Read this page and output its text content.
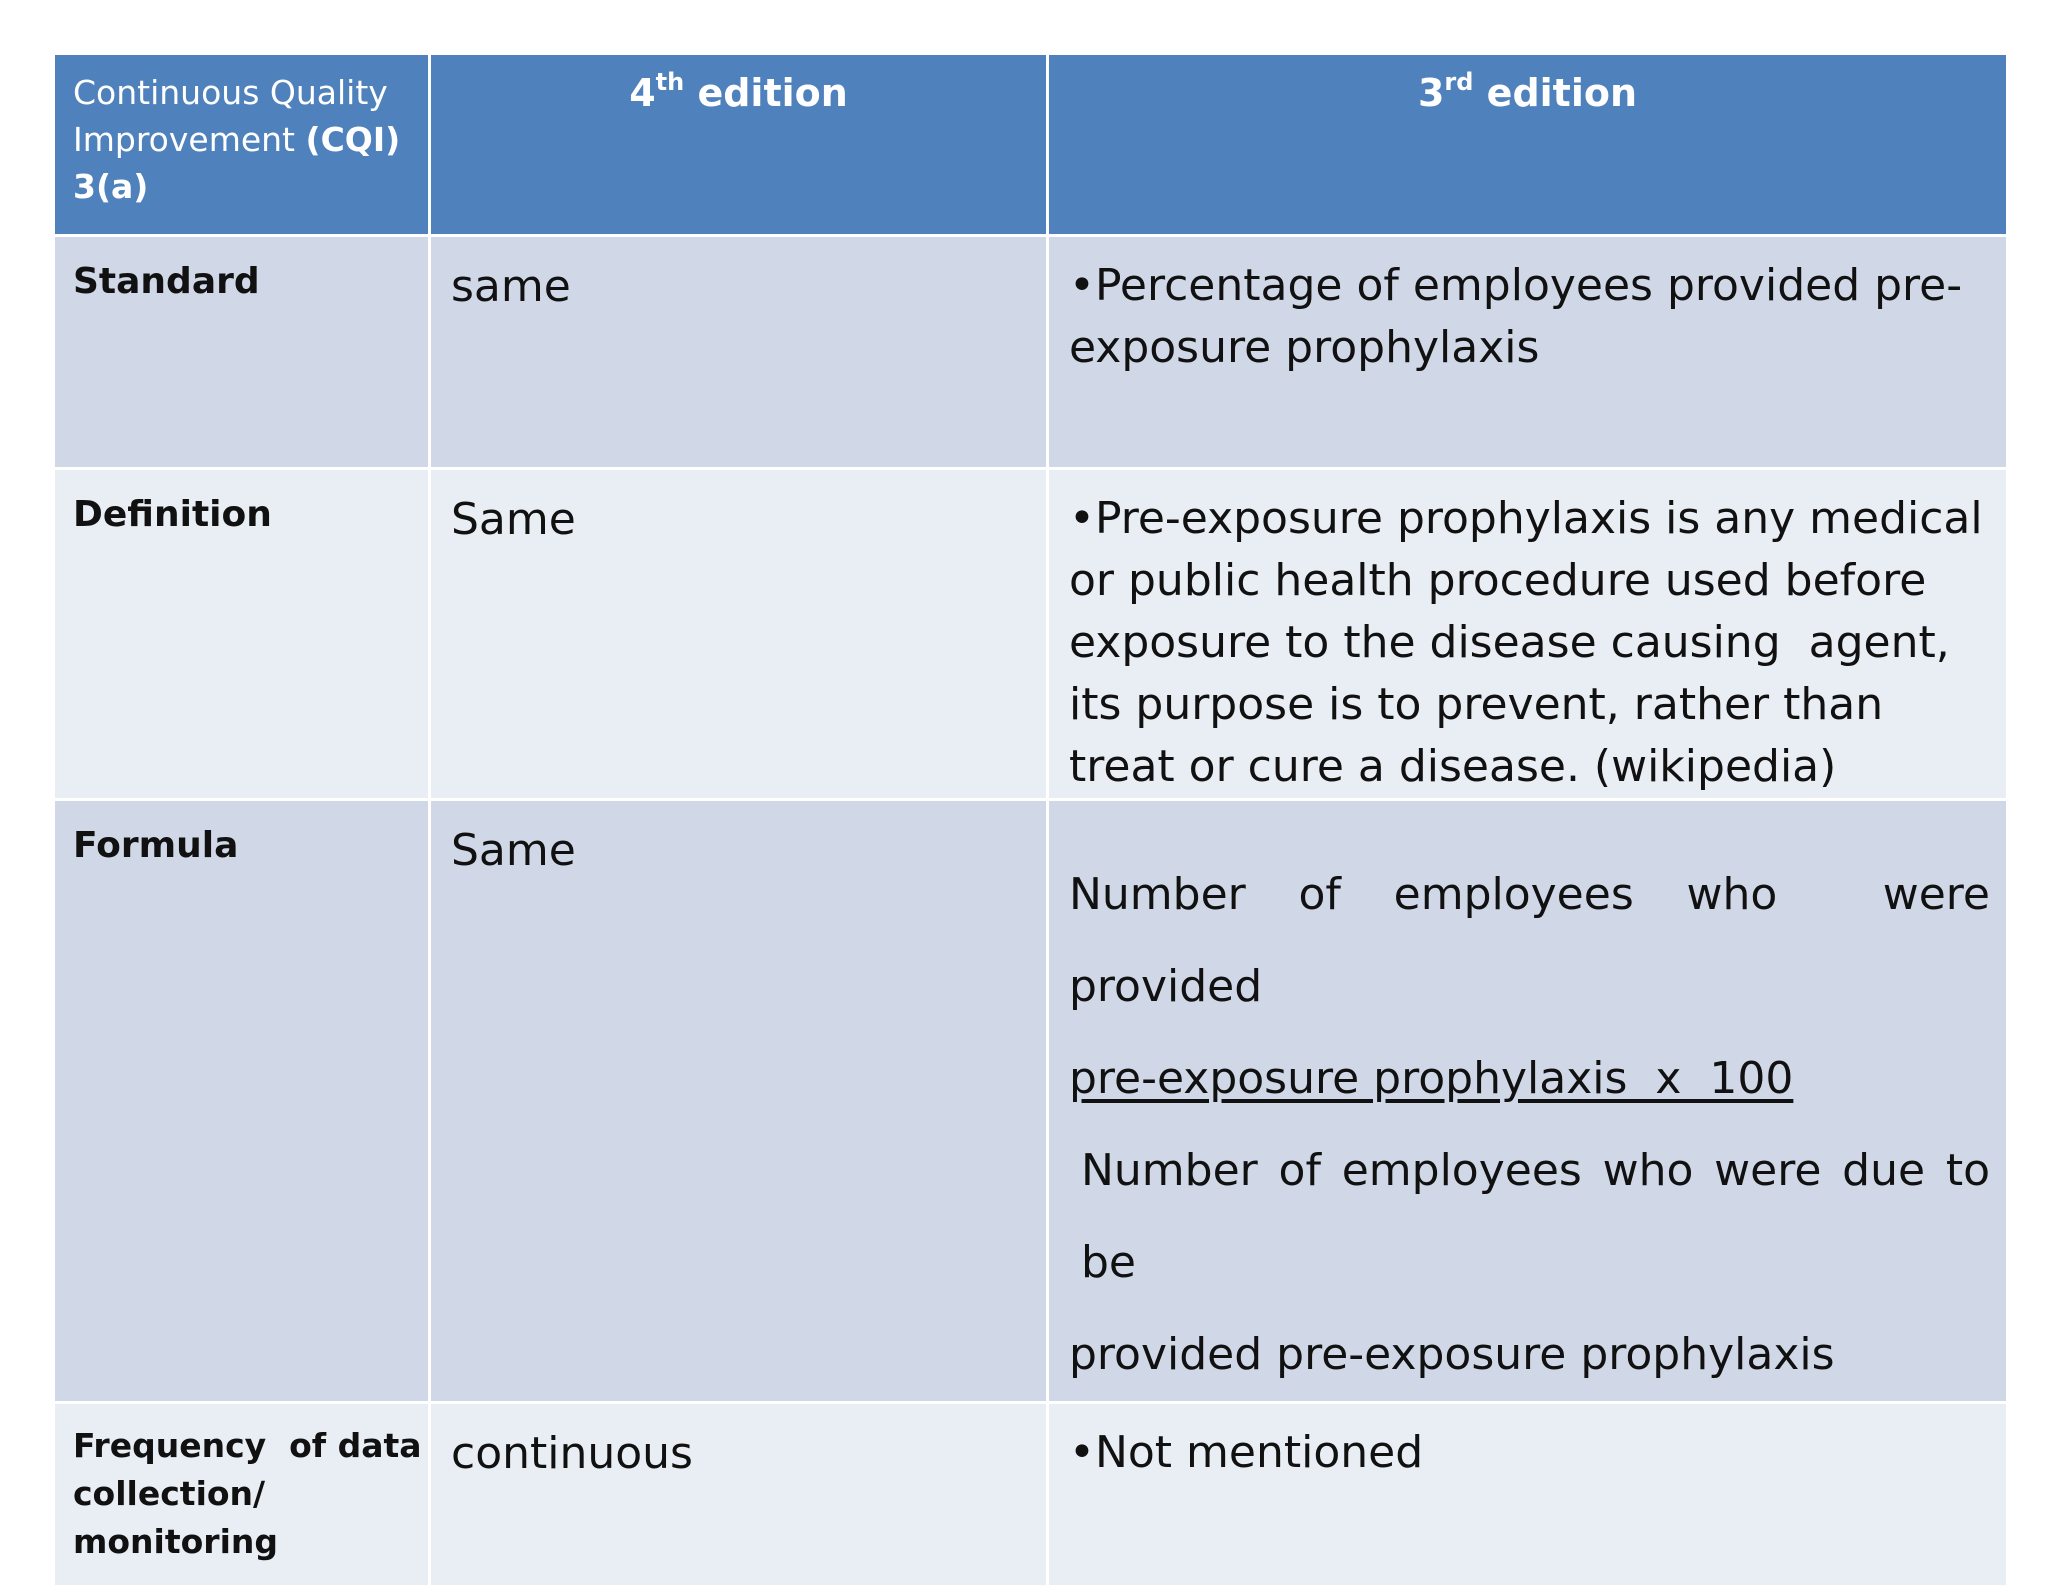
Continuous Quality
Improvement (CQI)
3(a)	4th edition	3rd edition
Standard	same	•Percentage of employees provided pre-exposure prophylaxis
Definition	Same	•Pre-exposure prophylaxis is any medical or public health procedure used before exposure to the disease causing  agent, its purpose is to prevent, rather than treat or cure a disease. (wikipedia)
Formula	Same	Number of employees who  were provided
pre-exposure prophylaxis  x  100
Number of employees who were due to be
provided pre-exposure prophylaxis

Frequency  of data
collection/
monitoring	continuous	•Not mentioned
